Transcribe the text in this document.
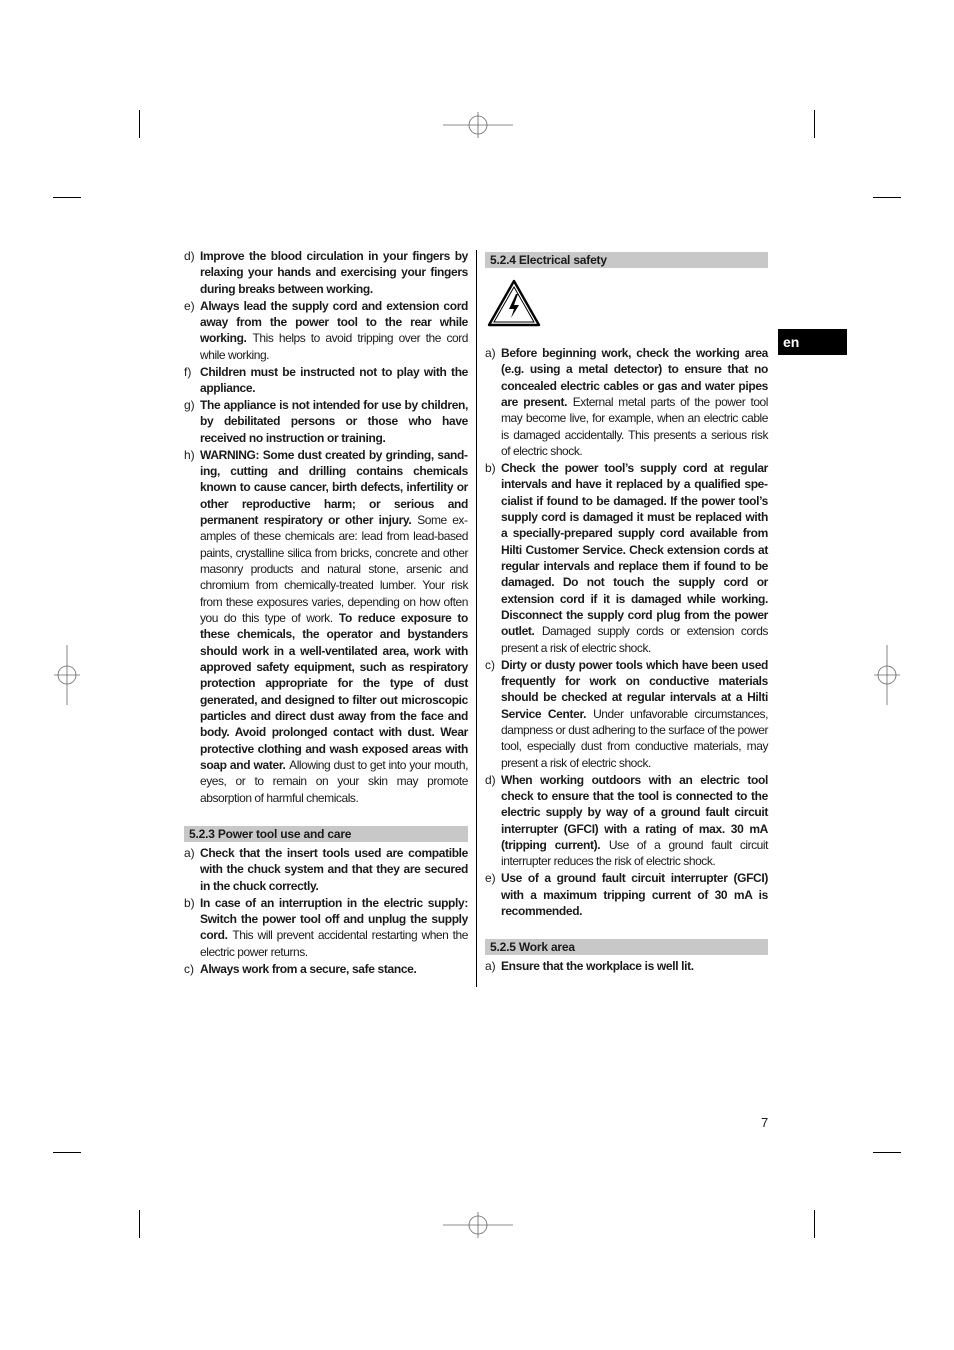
d) Improve the blood circulation in your fingers by relaxing your hands and exercising your fingers during breaks between working.
e) Always lead the supply cord and extension cord away from the power tool to the rear while working. This helps to avoid tripping over the cord while working.
f) Children must be instructed not to play with the appliance.
g) The appliance is not intended for use by children, by debilitated persons or those who have received no instruction or training.
h) WARNING: Some dust created by grinding, sanding, cutting and drilling contains chemicals known to cause cancer, birth defects, infertility or other reproductive harm; or serious and permanent respiratory or other injury. Some examples of these chemicals are: lead from lead-based paints, crystalline silica from bricks, concrete and other masonry products and natural stone, arsenic and chromium from chemically-treated lumber. Your risk from these exposures varies, depending on how often you do this type of work. To reduce exposure to these chemicals, the operator and bystanders should work in a well-ventilated area, work with approved safety equipment, such as respiratory protection appropriate for the type of dust generated, and designed to filter out microscopic particles and direct dust away from the face and body. Avoid prolonged contact with dust. Wear protective clothing and wash exposed areas with soap and water. Allowing dust to get into your mouth, eyes, or to remain on your skin may promote absorption of harmful chemicals.
5.2.3 Power tool use and care
a) Check that the insert tools used are compatible with the chuck system and that they are secured in the chuck correctly.
b) In case of an interruption in the electric supply: Switch the power tool off and unplug the supply cord. This will prevent accidental restarting when the electric power returns.
c) Always work from a secure, safe stance.
5.2.4 Electrical safety
a) Before beginning work, check the working area (e.g. using a metal detector) to ensure that no concealed electric cables or gas and water pipes are present. External metal parts of the power tool may become live, for example, when an electric cable is damaged accidentally. This presents a serious risk of electric shock.
b) Check the power tool’s supply cord at regular intervals and have it replaced by a qualified specialist if found to be damaged. If the power tool’s supply cord is damaged it must be replaced with a specially-prepared supply cord available from Hilti Customer Service. Check extension cords at regular intervals and replace them if found to be damaged. Do not touch the supply cord or extension cord if it is damaged while working. Disconnect the supply cord plug from the power outlet. Damaged supply cords or extension cords present a risk of electric shock.
c) Dirty or dusty power tools which have been used frequently for work on conductive materials should be checked at regular intervals at a Hilti Service Center. Under unfavorable circumstances, dampness or dust adhering to the surface of the power tool, especially dust from conductive materials, may present a risk of electric shock.
d) When working outdoors with an electric tool check to ensure that the tool is connected to the electric supply by way of a ground fault circuit interrupter (GFCI) with a rating of max. 30 mA (tripping current). Use of a ground fault circuit interrupter reduces the risk of electric shock.
e) Use of a ground fault circuit interrupter (GFCI) with a maximum tripping current of 30 mA is recommended.
5.2.5 Work area
a) Ensure that the workplace is well lit.
en
7
